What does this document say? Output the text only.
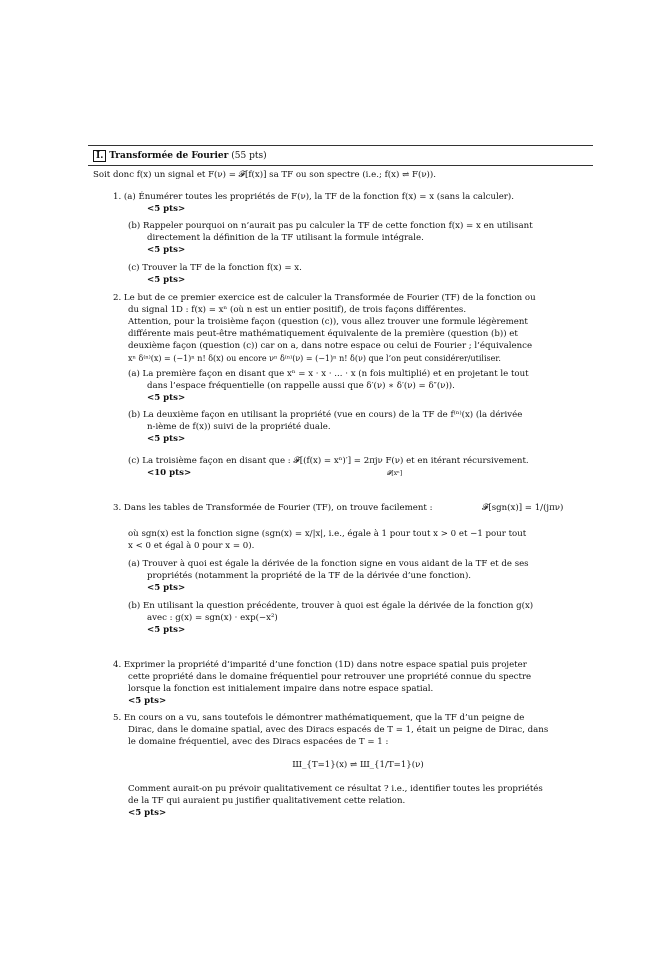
I. Transformée de Fourier (55 pts)
Soit donc f(x) un signal et F(ν) = 𝓕[f(x)] sa TF ou son spectre (i.e.; f(x) ⇌ F(ν)).
1. (a) Énumérer toutes les propriétés de F(ν), la TF de la fonction f(x) = x (sans la calculer).
<5 pts>
(b) Rappeler pourquoi on n’aurait pas pu calculer la TF de cette fonction f(x) = x en utilisant
directement la définition de la TF utilisant la formule intégrale.
<5 pts>
(c) Trouver la TF de la fonction f(x) = x.
<5 pts>
2. Le but de ce premier exercice est de calculer la Transformée de Fourier (TF) de la fonction ou
du signal 1D : f(x) = xⁿ (où n est un entier positif), de trois façons différentes.
Attention, pour la troisième façon (question (c)), vous allez trouver une formule légèrement
différente mais peut-être mathématiquement équivalente de la première (question (b)) et
deuxième façon (question (c)) car on a, dans notre espace ou celui de Fourier ; l’équivalence
xⁿ δ⁽ⁿ⁾(x) = (−1)ⁿ n! δ(x) ou encore νⁿ δ⁽ⁿ⁾(ν) = (−1)ⁿ n! δ(ν) que l’on peut considérer/utiliser.
(a) La première façon en disant que xⁿ = x · x · ... · x (n fois multiplié) et en projetant le tout
dans l’espace fréquentielle (on rappelle aussi que δ′(ν) ∗ δ′(ν) = δ″(ν)).
<5 pts>
(b) La deuxième façon en utilisant la propriété (vue en cours) de la TF de f⁽ⁿ⁾(x) (la dérivée
n-ième de f(x)) suivi de la propriété duale.
<5 pts>
(c) La troisième façon en disant que : 𝓕[(f(x) = xⁿ)′] = 2πjν F(ν) et en itérant récursivement.
𝓕[xⁿ]
<10 pts>
3. Dans les tables de Transformée de Fourier (TF), on trouve facilement :	𝓕[sgn(x)] = 1/(jπν)
où sgn(x) est la fonction signe (sgn(x) = x/|x|, i.e., égale à 1 pour tout x > 0 et −1 pour tout
x < 0 et égal à 0 pour x = 0).
(a) Trouver à quoi est égale la dérivée de la fonction signe en vous aidant de la TF et de ses
propriétés (notamment la propriété de la TF de la dérivée d’une fonction).
<5 pts>
(b) En utilisant la question précédente, trouver à quoi est égale la dérivée de la fonction g(x)
avec : g(x) = sgn(x) · exp(−x²)
<5 pts>
4. Exprimer la propriété d’imparité d’une fonction (1D) dans notre espace spatial puis projeter
cette propriété dans le domaine fréquentiel pour retrouver une propriété connue du spectre
lorsque la fonction est initialement impaire dans notre espace spatial.
<5 pts>
5. En cours on a vu, sans toutefois le démontrer mathématiquement, que la TF d’un peigne de
Dirac, dans le domaine spatial, avec des Diracs espacés de T = 1, était un peigne de Dirac, dans
le domaine fréquentiel, avec des Diracs espacées de T = 1 :
Ш_{T=1}(x) ⇌ Ш_{1/T=1}(ν)
Comment aurait-on pu prévoir qualitativement ce résultat ? i.e., identifier toutes les propriétés
de la TF qui auraient pu justifier qualitativement cette relation.
<5 pts>
